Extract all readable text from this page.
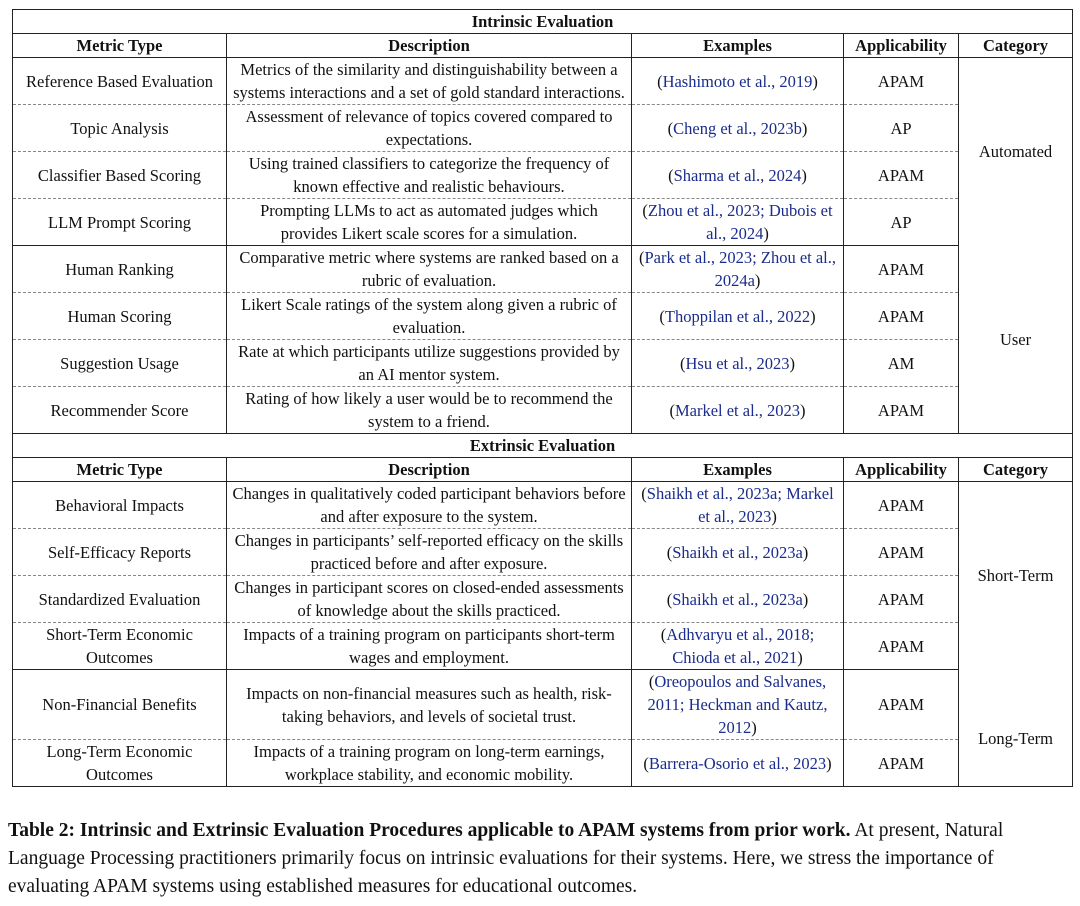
Intrinsic Evaluation				
Metric Type	Description	Examples	Applicability	Category
Reference Based Evaluation	Metrics of the similarity and distinguishability between a systems interactions and a set of gold standard interactions.	(Hashimoto et al., 2019)	APAM	Automated
Topic Analysis	Assessment of relevance of topics covered compared to expectations.	(Cheng et al., 2023b)	AP	
Classifier Based Scoring	Using trained classifiers to categorize the frequency of known effective and realistic behaviours.	(Sharma et al., 2024)	APAM	
LLM Prompt Scoring	Prompting LLMs to act as automated judges which provides Likert scale scores for a simulation.	(Zhou et al., 2023; Dubois et al., 2024)	AP	
Human Ranking	Comparative metric where systems are ranked based on a rubric of evaluation.	(Park et al., 2023; Zhou et al., 2024a)	APAM	User
Human Scoring	Likert Scale ratings of the system along given a rubric of evaluation.	(Thoppilan et al., 2022)	APAM	
Suggestion Usage	Rate at which participants utilize suggestions provided by an AI mentor system.	(Hsu et al., 2023)	AM	
Recommender Score	Rating of how likely a user would be to recommend the system to a friend.	(Markel et al., 2023)	APAM	
Extrinsic Evaluation				
Metric Type	Description	Examples	Applicability	Category
Behavioral Impacts	Changes in qualitatively coded participant behaviors before and after exposure to the system.	(Shaikh et al., 2023a; Markel et al., 2023)	APAM	Short-Term
Self-Efficacy Reports	Changes in participants’ self-reported efficacy on the skills practiced before and after exposure.	(Shaikh et al., 2023a)	APAM	
Standardized Evaluation	Changes in participant scores on closed-ended assessments of knowledge about the skills practiced.	(Shaikh et al., 2023a)	APAM	
Short-Term Economic Outcomes	Impacts of a training program on participants short-term wages and employment.	(Adhvaryu et al., 2018; Chioda et al., 2021)	APAM	
Non-Financial Benefits	Impacts on non-financial measures such as health, risk-taking behaviors, and levels of societal trust.	(Oreopoulos and Salvanes, 2011; Heckman and Kautz, 2012)	APAM	Long-Term
Long-Term Economic Outcomes	Impacts of a training program on long-term earnings, workplace stability, and economic mobility.	(Barrera-Osorio et al., 2023)	APAM	

Table 2: Intrinsic and Extrinsic Evaluation Procedures applicable to APAM systems from prior work. At present, Natural Language Processing practitioners primarily focus on intrinsic evaluations for their systems. Here, we stress the importance of evaluating APAM systems using established measures for educational outcomes.
